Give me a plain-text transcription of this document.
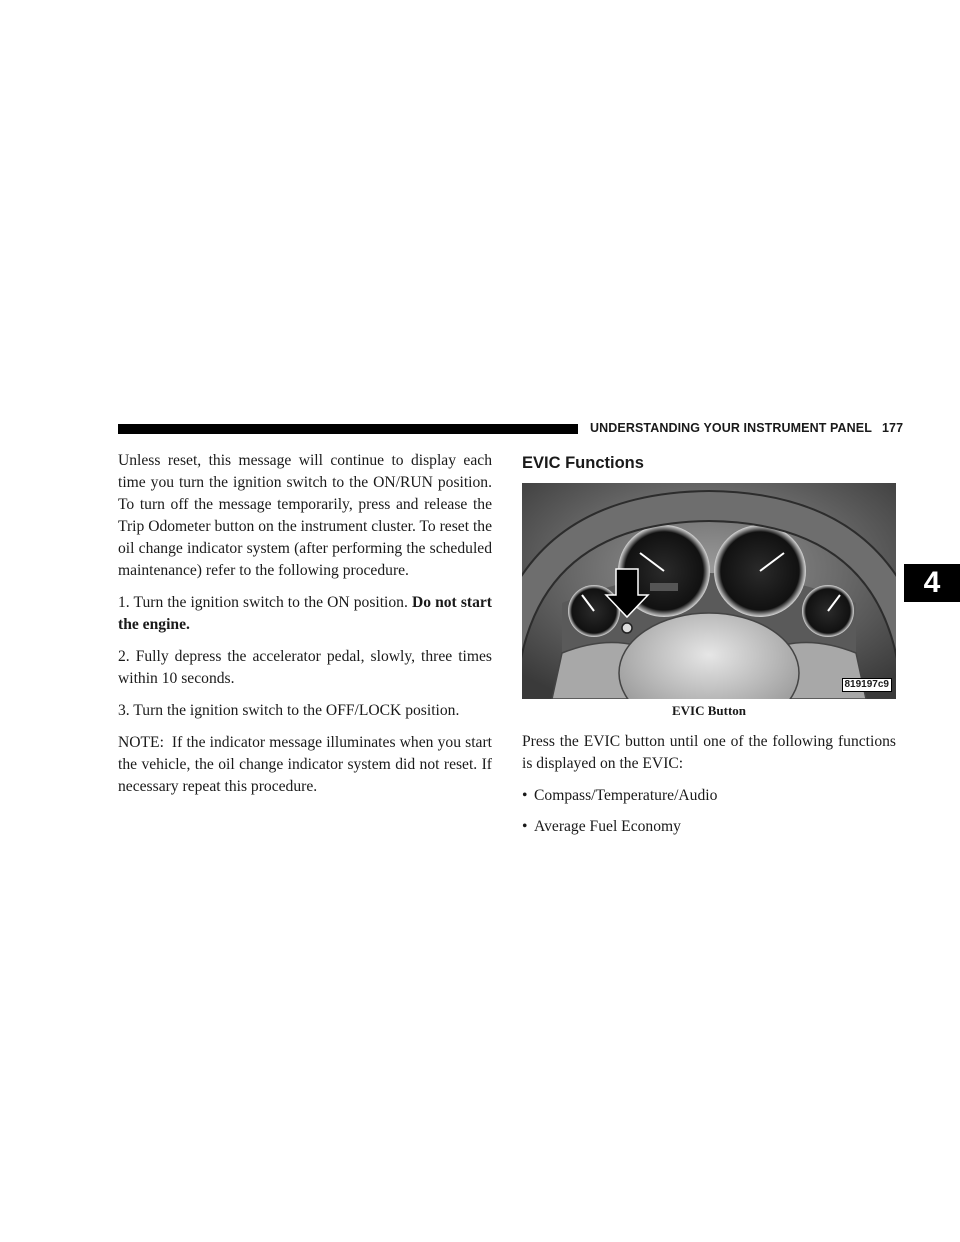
UNDERSTANDING YOUR INSTRUMENT PANEL 177
4

Unless reset, this message will continue to display each time you turn the ignition switch to the ON/RUN position. To turn off the message temporarily, press and release the Trip Odometer button on the instrument cluster. To reset the oil change indicator system (after performing the scheduled maintenance) refer to the following procedure.

1. Turn the ignition switch to the ON position. Do not start the engine.

2. Fully depress the accelerator pedal, slowly, three times within 10 seconds.

3. Turn the ignition switch to the OFF/LOCK position.

NOTE: If the indicator message illuminates when you start the vehicle, the oil change indicator system did not reset. If necessary repeat this procedure.

EVIC Functions
819197c9
EVIC Button

Press the EVIC button until one of the following functions is displayed on the EVIC:

• Compass/Temperature/Audio
• Average Fuel Economy
